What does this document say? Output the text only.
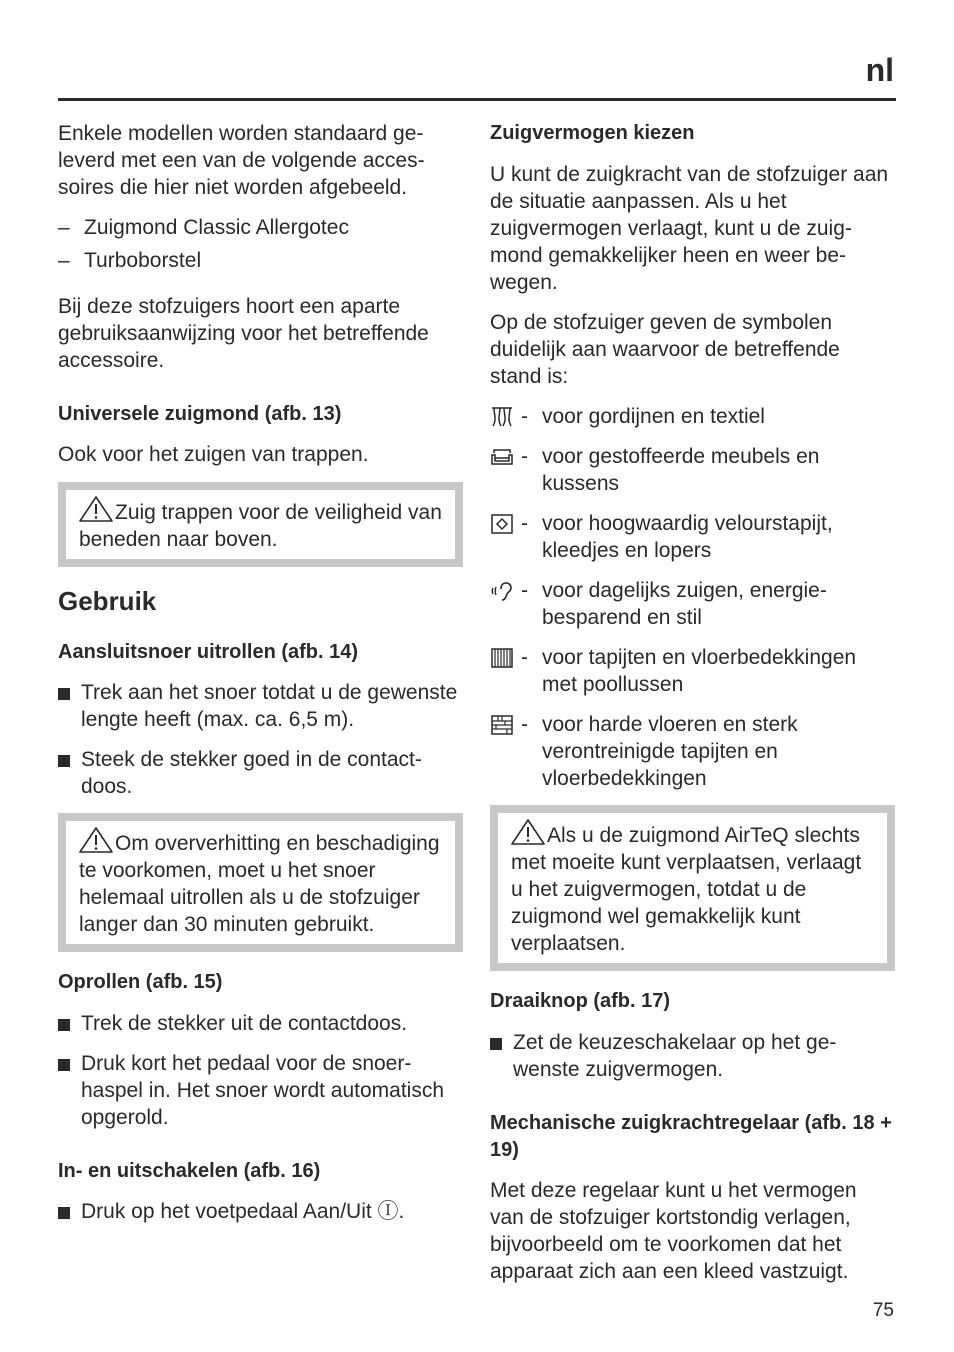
nl

Enkele modellen worden standaard geleverd met een van de volgende accessoires die hier niet worden afgebeeld.

– Zuigmond Classic Allergotec
– Turboborstel

Bij deze stofzuigers hoort een aparte gebruiksaanwijzing voor het betreffende accessoire.

Universele zuigmond (afb. 13)

Ook voor het zuigen van trappen.

Zuig trappen voor de veiligheid van beneden naar boven.
Gebruik
Aansluitsnoer uitrollen (afb. 14)
Trek aan het snoer totdat u de gewenste lengte heeft (max. ca. 6,5 m).
Steek de stekker goed in de contactdoos.
Om oververhitting en beschadiging te voorkomen, moet u het snoer helemaal uitrollen als u de stofzuiger langer dan 30 minuten gebruikt.
Oprollen (afb. 15)
Trek de stekker uit de contactdoos.
Druk kort het pedaal voor de snoerhaspel in. Het snoer wordt automatisch opgerold.
In- en uitschakelen (afb. 16)
Druk op het voetpedaal Aan/Uit Ⓘ.
Zuigvermogen kiezen

U kunt de zuigkracht van de stofzuiger aan de situatie aanpassen. Als u het zuigvermogen verlaagt, kunt u de zuigmond gemakkelijker heen en weer bewegen.

Op de stofzuiger geven de symbolen duidelijk aan waarvoor de betreffende stand is:

- voor gordijnen en textiel
- voor gestoffeerde meubels en kussens
- voor hoogwaardig velourstapijt, kleedjes en lopers
- voor dagelijks zuigen, energiebesparend en stil
- voor tapijten en vloerbedekkingen met poollussen
- voor harde vloeren en sterk verontreinigde tapijten en vloerbedekkingen
Als u de zuigmond AirTeQ slechts met moeite kunt verplaatsen, verlaagt u het zuigvermogen, totdat u de zuigmond wel gemakkelijk kunt verplaatsen.
Draaiknop (afb. 17)
Zet de keuzeschakelaar op het gewenste zuigvermogen.
Mechanische zuigkrachtregelaar (afb. 18 + 19)

Met deze regelaar kunt u het vermogen van de stofzuiger kortstondig verlagen, bijvoorbeeld om te voorkomen dat het apparaat zich aan een kleed vastzuigt.

75
